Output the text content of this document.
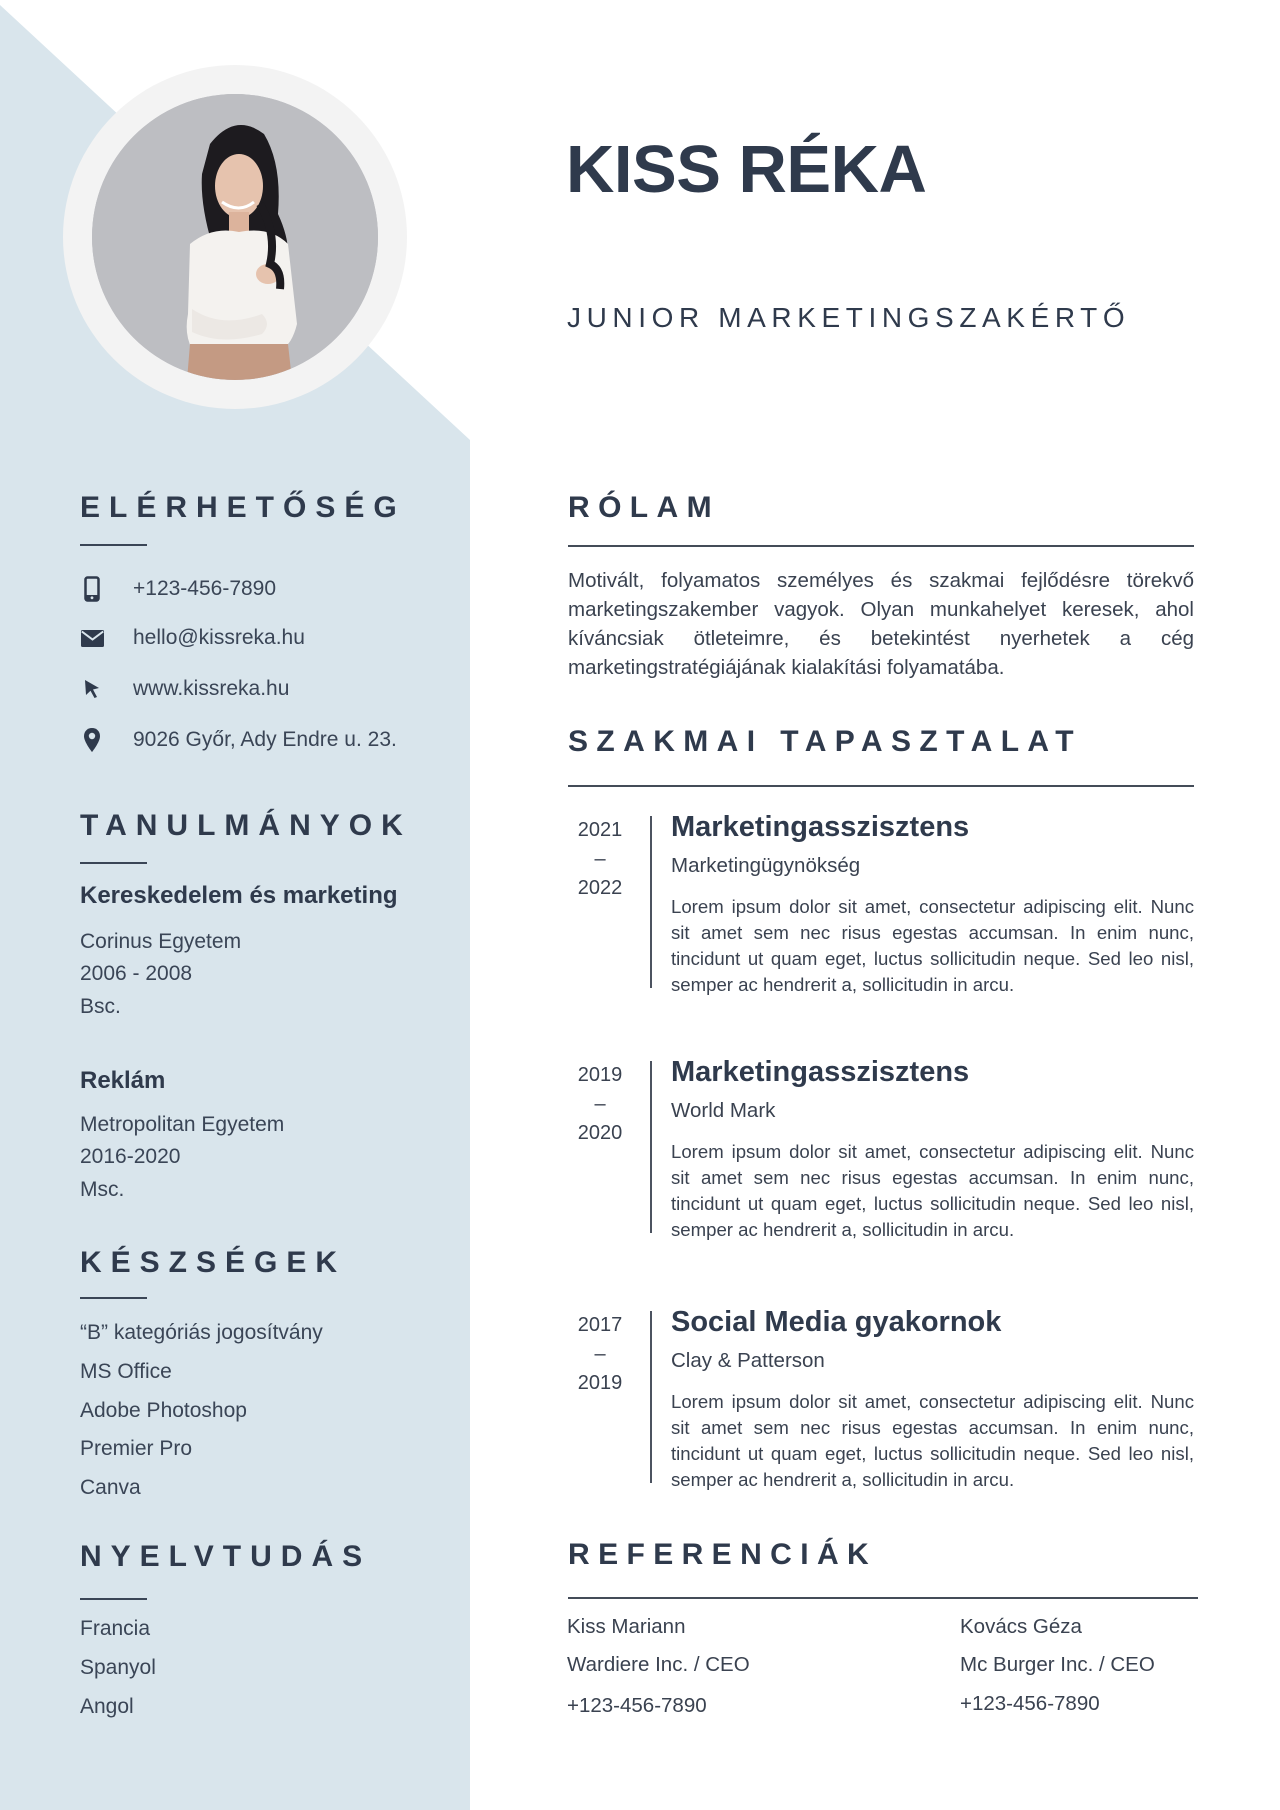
KISS RÉKA
JUNIOR MARKETINGSZAKÉRTŐ
ELÉRHETŐSÉG
+123-456-7890
hello@kissreka.hu
www.kissreka.hu
9026 Győr, Ady Endre u. 23.
TANULMÁNYOK
Kereskedelem és marketing
Corinus Egyetem
2006 - 2008
Bsc.
Reklám
Metropolitan Egyetem
2016-2020
Msc.
KÉSZSÉGEK
“B” kategóriás jogosítvány
MS Office
Adobe Photoshop
Premier Pro
Canva
NYELVTUDÁS
Francia
Spanyol
Angol
RÓLAM
Motivált, folyamatos személyes és szakmai fejlődésre törekvő marketingszakember vagyok. Olyan munkahelyet keresek, ahol kíváncsiak ötleteimre, és betekintést nyerhetek a cég marketingstratégiájának kialakítási folyamatába.
SZAKMAI TAPASZTALAT
2021
–
2022
Marketingasszisztens
Marketingügynökség
Lorem ipsum dolor sit amet, consectetur adipiscing elit. Nunc sit amet sem nec risus egestas accumsan. In enim nunc, tincidunt ut quam eget, luctus sollicitudin neque. Sed leo nisl, semper ac hendrerit a, sollicitudin in arcu.
2019
–
2020
Marketingasszisztens
World Mark
Lorem ipsum dolor sit amet, consectetur adipiscing elit. Nunc sit amet sem nec risus egestas accumsan. In enim nunc, tincidunt ut quam eget, luctus sollicitudin neque. Sed leo nisl, semper ac hendrerit a, sollicitudin in arcu.
2017
–
2019
Social Media gyakornok
Clay & Patterson
Lorem ipsum dolor sit amet, consectetur adipiscing elit. Nunc sit amet sem nec risus egestas accumsan. In enim nunc, tincidunt ut quam eget, luctus sollicitudin neque. Sed leo nisl, semper ac hendrerit a, sollicitudin in arcu.
REFERENCIÁK
Kiss Mariann
Wardiere Inc. / CEO
+123-456-7890
Kovács Géza
Mc Burger Inc. / CEO
+123-456-7890
